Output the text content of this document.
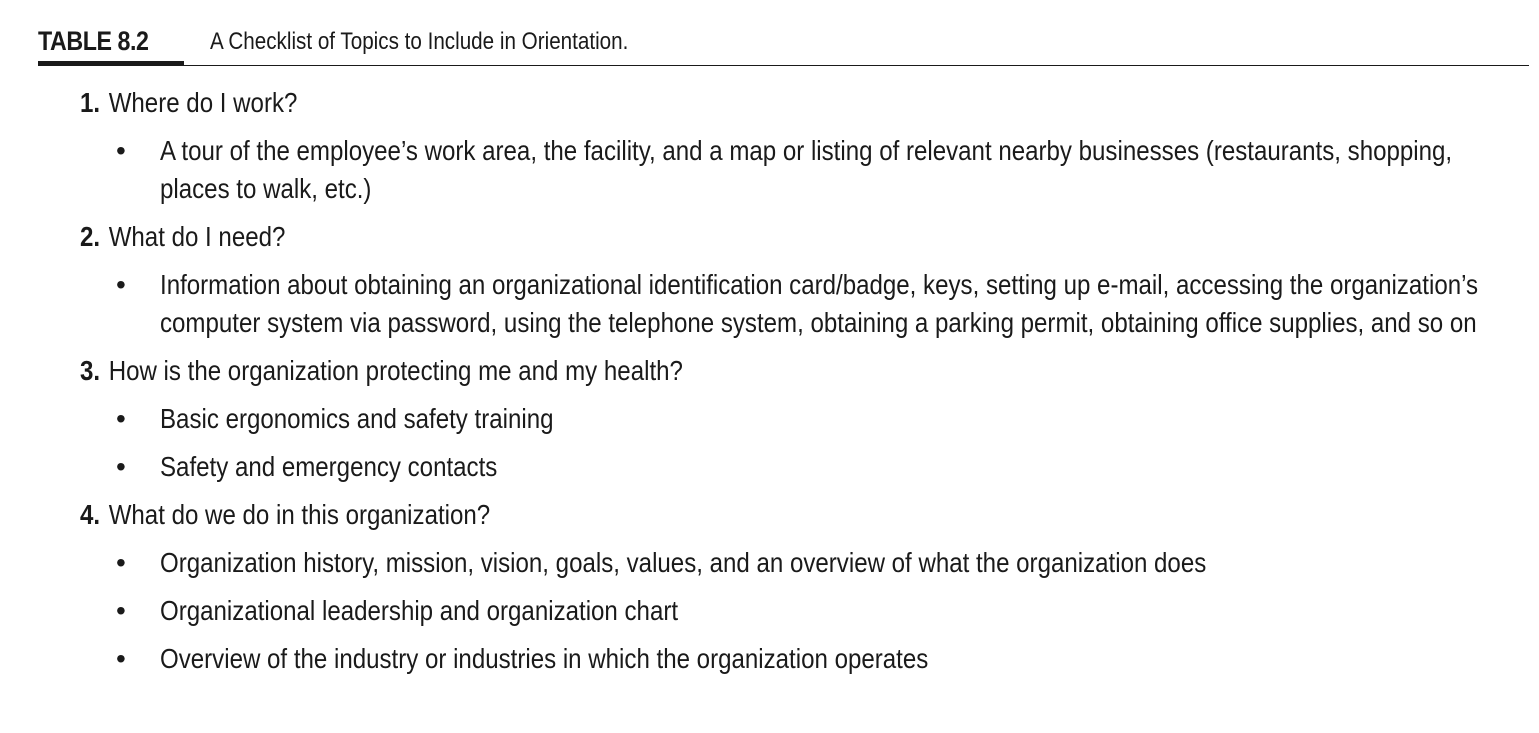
TABLE 8.2	A Checklist of Topics to Include in Orientation.
1. Where do I work?
• A tour of the employee’s work area, the facility, and a map or listing of relevant nearby businesses (restaurants, shopping, places to walk, etc.)
2. What do I need?
• Information about obtaining an organizational identification card/badge, keys, setting up e-mail, accessing the organization’s computer system via password, using the telephone system, obtaining a parking permit, obtaining office supplies, and so on
3. How is the organization protecting me and my health?
• Basic ergonomics and safety training
• Safety and emergency contacts
4. What do we do in this organization?
• Organization history, mission, vision, goals, values, and an overview of what the organization does
• Organizational leadership and organization chart
• Overview of the industry or industries in which the organization operates
